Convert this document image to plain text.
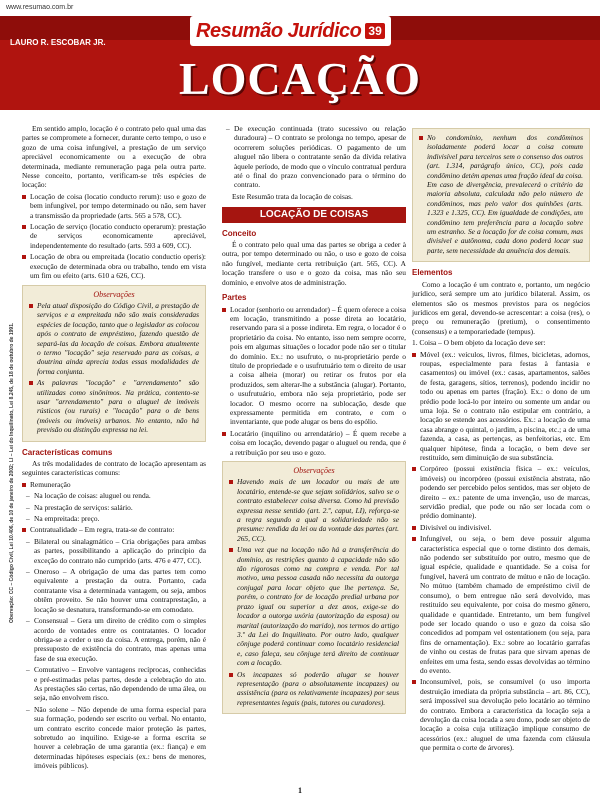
www.resumao.com.br
Resumão Jurídico 39
LAURO R. ESCOBAR JR.
LOCAÇÃO
Obervação: CC – Código Civil, Lei 10.406, de 10 de janeiro de 2002; LI – Lei do Inquilinato, Lei 8.245, de 18 de outubro de 1991.

Em sentido amplo, locação é o contrato pelo qual uma das partes se compromete a fornecer, durante certo tempo, o uso e gozo de uma coisa infungível, a prestação de um serviço apreciável economicamente ou a execução de obra determinada, mediante remuneração paga pela outra parte. Nesse conceito, portanto, verificam-se três espécies de locação:

Locação de coisa (locatio conducto rerum): uso e gozo de bem infungível, por tempo determinado ou não, sem haver a transmissão da propriedade (arts. 565 a 578, CC).

Locação de serviço (locatio conducto operarum): prestação de serviços economicamente apreciável, independentemente do resultado (arts. 593 a 609, CC).

Locação de obra ou empreitada (locatio conductio operis): execução de determinada obra ou trabalho, tendo em vista um fim ou efeito (arts. 610 a 626, CC).

Observações

Pela atual disposição do Código Civil, a prestação de serviços e a empreitada não são mais consideradas espécies de locação, tanto que o legislador as colocou após o contrato de empréstimo, fazendo questão de separá-las da locação de coisas. Embora atualmente o termo "locação" seja reservado para as coisas, a doutrina ainda aprecia todas essas modalidades de forma conjunta.

As palavras "locação" e "arrendamento" são utilizadas como sinônimos. Na prática, contento-se usar "arrendamento" para o aluguel de imóveis rústicos (ou rurais) e "locação" para o de bens (móveis ou imóveis) urbanos. No entanto, não há previsão ou distinção expressa na lei.

Características comuns

As três modalidades de contrato de locação apresentam as seguintes características comuns:

Remuneração

– Na locação de coisas: aluguel ou renda.

– Na prestação de serviços: salário.

– Na empreitada: preço.

Contratualidade – Em regra, trata-se de contrato:

– Bilateral ou sinalagmático – Cria obrigações para ambas as partes, possibilitando a aplicação do princípio da exceção do contrato não cumprido (arts. 476 e 477, CC).

– Oneroso – A obrigação de uma das partes tem como equivalente a prestação da outra. Portanto, cada contratante visa a determinada vantagem, ou seja, ambos obtêm proveito. Se não houver uma contraprestação, a locação se desnatura, transformando-se em comodato.

– Consensual – Gera um direito de crédito com o simples acordo de vontades entre os contratantes. O locador obriga-se a ceder o uso da coisa. A entrega, porém, não é pressuposto de existência do contrato, mas apenas uma fase de sua execução.

– Comutativo – Envolve vantagens recíprocas, conhecidas e pré-estimadas pelas partes, desde a celebração do ato. As prestações são certas, não dependendo de uma álea, ou seja, não envolvem risco.

– Não solene – Não depende de uma forma especial para sua formação, podendo ser escrito ou verbal. No entanto, um contrato escrito concede maior proteção às partes, sobretudo ao inquilino. Exige-se a forma escrita se houver a celebração de uma garantia (ex.: fiança) e em determinadas hipóteses especiais (ex.: bens de menores, imóveis públicos).

– De execução continuada (trato sucessivo ou relação duradoura) – O contrato se prolonga no tempo, apesar de ocorrerem soluções periódicas. O pagamento de um aluguel não libera o contratante senão da dívida relativa àquele período, de modo que o vínculo contratual perdura até o final do prazo convencionado para o término do contrato.

Este Resumão trata da locação de coisas.

LOCAÇÃO DE COISAS
Conceito

É o contrato pelo qual uma das partes se obriga a ceder à outra, por tempo determinado ou não, o uso e gozo de coisa não fungível, mediante certa retribuição (art. 565, CC). A locação transfere o uso e o gozo da coisa, mas não seu domínio, e envolve atos de administração.

Partes

Locador (senhorio ou arrendador) – É quem oferece a coisa em locação, transmitindo a posse direta ao locatário, reservando para si a posse indireta. Em regra, o locador é o proprietário da coisa. No entanto, isso nem sempre ocorre, pois em algumas situações o locador pode não ser o titular do domínio. Ex.: no usufruto, o nu-proprietário perde o título de propriedade e o usufrutuário tem o direito de usar a coisa alheia (morar) ou retirar os frutos por ela produzidos, sem alterar-lhe a substância (alugar). Portanto, o usufrutuário, embora não seja proprietário, pode ser locador. O mesmo ocorre na sublocação, desde que expressamente permitida em contrato, e com o inventariante, que pode alugar os bens do espólio.

Locatário (inquilino ou arrendatário) – É quem recebe a coisa em locação, devendo pagar o aluguel ou renda, que é a retribuição por seu uso e gozo.

Observações

Havendo mais de um locador ou mais de um locatário, entende-se que sejam solidários, salvo se o contrato estabelecer coisa diversa. Como há previsão expressa nesse sentido (art. 2.º, caput, LI), reforça-se a regra segundo a qual a solidariedade não se presume: rendida da lei ou da vontade das partes (art. 265, CC).

Uma vez que na locação não há a transferência do domínio, as restrições quanto à capacidade não são tão rigorosas como na compra e venda. Por tal motivo, uma pessoa casada não necessita da outorga conjugal para locar objeto que lhe pertença. Se, porém, o contrato for de locação predial urbana por prazo igual ou superior a dez anos, exige-se do locador a outorga uxória (autorização da esposa) ou marital (autorização do marido), nos termos do artigo 3.º da Lei do Inquilinato. Por outro lado, qualquer cônjuge poderá continuar como locatário residencial e, caso faleça, seu cônjuge terá direito de continuar com a locação.

Os incapazes só poderão alugar se houver representação (para o absolutamente incapazes) ou assistência (para os relativamente incapazes) por seus representantes legais (pais, tutores ou curadores).

No condomínio, nenhum dos condôminos isoladamente poderá locar a coisa comum indivisível para terceiros sem o consenso dos outros (art. 1.314, parágrafo único, CC), pois cada condômino detém apenas uma fração ideal da coisa. Em caso de divergência, prevalecerá o critério da maioria absoluta, calculada não pelo número de condôminos, mas pelo valor dos quinhões (arts. 1.323 e 1.325, CC). Em igualdade de condições, um condômino tem preferência para a locação sobre um estranho. Se a locação for de coisa comum, mas divisível e autônoma, cada dono poderá locar sua parte, sem necessidade da anuência dos demais.

Elementos

Como a locação é um contrato e, portanto, um negócio jurídico, será sempre um ato jurídico bilateral. Assim, os elementos são os mesmos previstos para os negócios jurídicos em geral, devendo-se acrescentar: a coisa (res), o preço ou remuneração (pretium), o consentimento (consensus) e a temporariedade (tempus).

1. Coisa – O bem objeto da locação deve ser:

Móvel (ex.: veículos, livros, filmes, bicicletas, adornos, roupas, especialmente para festas à fantasia e casamentos) ou imóvel (ex.: casas, apartamentos, salões de festa, garagens, sítios, terrenos), podendo incidir no todo ou apenas em partes (fração). Ex.: o dono de um prédio pode locá-lo por inteiro ou somente um andar ou uma loja. Se o contrato não estipular em contrário, a locação se estende aos acessórios. Ex.: a locação de uma casa abrange o quintal, o jardim, a piscina, etc.; a de uma fazenda, a casa, as pertenças, as benfeitorias, etc. Em qualquer hipótese, finda a locação, o bem deve ser restituído, sem diminuição de sua substância.

Corpóreo (possui existência física – ex.: veículos, imóveis) ou incorpóreo (possui existência abstrata, não podendo ser percebido pelos sentidos, mas ser objeto de direito – ex.: patente de uma invenção, uso de marcas, servidão predial, que pode ou não ser locada com o prédio dominante).

Divisível ou indivisível.

Infungível, ou seja, o bem deve possuir alguma característica especial que o torne distinto dos demais, não podendo ser substituído por outro, mesmo que de igual espécie, qualidade e quantidade. Se a coisa for fungível, haverá um contrato de mútuo e não de locação. No mútuo (também chamado de empréstimo civil de consumo), o bem entregue não será devolvido, mas restituído seu equivalente, por coisa do mesmo gênero, qualidade e quantidade. Entretanto, um bem fungível pode ser locado quando o uso e gozo da coisa são concedidos ad pompam vel ostentationem (ou seja, para fins de ornamentação). Ex.: sobre ao locatário garrafas de vinho ou cestas de frutas para que sirvam apenas de enfeites em uma festa, sendo essas devolvidas ao término do evento.

Inconsumível, pois, se consumível (o uso importa destruição imediata da própria substância – art. 86, CC), será impossível sua devolução pelo locatário ao término do contrato. Embora a característica da locação seja a devolução da coisa locada a seu dono, pode ser objeto de locação a coisa cuja utilização implique consumo de acessórios (ex.: aluguel de uma fazenda com cláusula que permita o corte de árvores).

1
